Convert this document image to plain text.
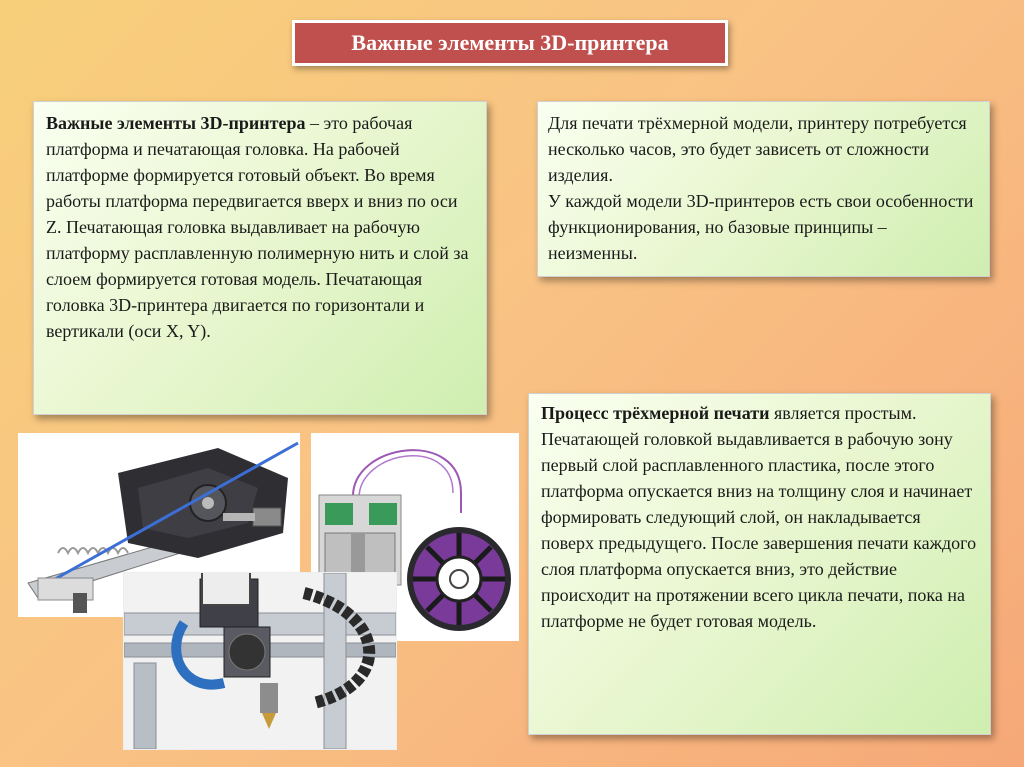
Важные элементы 3D-принтера

Важные элементы 3D-принтера – это рабочая платформа и печатающая головка. На рабочей платформе формируется готовый объект. Во время работы платформа передвигается вверх и вниз по оси Z. Печатающая головка выдавливает на рабочую платформу расплавленную полимерную нить и слой за слоем формируется готовая модель. Печатающая головка 3D-принтера двигается по горизонтали и вертикали (оси X, Y).

Для печати трёхмерной модели, принтеру потребуется несколько часов, это будет зависеть от сложности изделия.

У каждой модели 3D-принтеров есть свои особенности функционирования, но базовые принципы – неизменны.

Процесс трёхмерной печати является простым. Печатающей головкой выдавливается в рабочую зону первый слой расплавленного пластика, после этого платформа опускается вниз на толщину слоя и начинает формировать следующий слой, он накладывается поверх предыдущего. После завершения печати каждого слоя платформа опускается вниз, это действие происходит на протяжении всего цикла печати, пока на платформе не будет готовая модель.
